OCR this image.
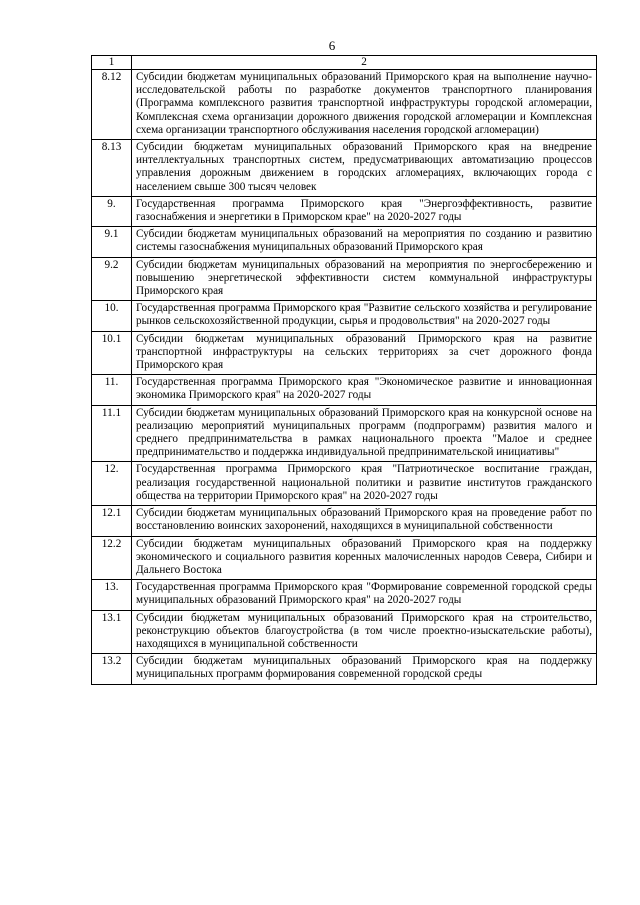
6
1	2
8.12	Субсидии бюджетам муниципальных образований Приморского края на выполнение научно-исследовательской работы по разработке документов транспортного планирования (Программа комплексного развития транспортной инфраструктуры городской агломерации, Комплексная схема организации дорожного движения городской агломерации и Комплексная схема организации транспортного обслуживания населения городской агломерации)
8.13	Субсидии бюджетам муниципальных образований Приморского края на внедрение интеллектуальных транспортных систем, предусматривающих автоматизацию процессов управления дорожным движением в городских агломерациях, включающих города с населением свыше 300 тысяч человек
9.	Государственная программа Приморского края "Энергоэффективность, развитие газоснабжения и энергетики в Приморском крае" на 2020-2027 годы
9.1	Субсидии бюджетам муниципальных образований на мероприятия по созданию и развитию системы газоснабжения муниципальных образований Приморского края
9.2	Субсидии бюджетам муниципальных образований на мероприятия по энергосбережению и повышению энергетической эффективности систем коммунальной инфраструктуры Приморского края
10.	Государственная программа Приморского края "Развитие сельского хозяйства и регулирование рынков сельскохозяйственной продукции, сырья и продовольствия" на 2020-2027 годы
10.1	Субсидии бюджетам муниципальных образований Приморского края на развитие транспортной инфраструктуры на сельских территориях за счет дорожного фонда Приморского края
11.	Государственная программа Приморского края "Экономическое развитие и инновационная экономика Приморского края" на 2020-2027 годы
11.1	Субсидии бюджетам муниципальных образований Приморского края на конкурсной основе на реализацию мероприятий муниципальных программ (подпрограмм) развития малого и среднего предпринимательства в рамках национального проекта "Малое и среднее предпринимательство и поддержка индивидуальной предпринимательской инициативы"
12.	Государственная программа Приморского края "Патриотическое воспитание граждан, реализация государственной национальной политики и развитие институтов гражданского общества на территории Приморского края" на 2020-2027 годы
12.1	Субсидии бюджетам муниципальных образований Приморского края на проведение работ по восстановлению воинских захоронений, находящихся в муниципальной собственности
12.2	Субсидии бюджетам муниципальных образований Приморского края на поддержку экономического и социального развития коренных малочисленных народов Севера, Сибири и Дальнего Востока
13.	Государственная программа Приморского края "Формирование современной городской среды муниципальных образований Приморского края" на 2020-2027 годы
13.1	Субсидии бюджетам муниципальных образований Приморского края на строительство, реконструкцию объектов благоустройства (в том числе проектно-изыскательские работы), находящихся в муниципальной собственности
13.2	Субсидии бюджетам муниципальных образований Приморского края на поддержку муниципальных программ формирования современной городской среды
